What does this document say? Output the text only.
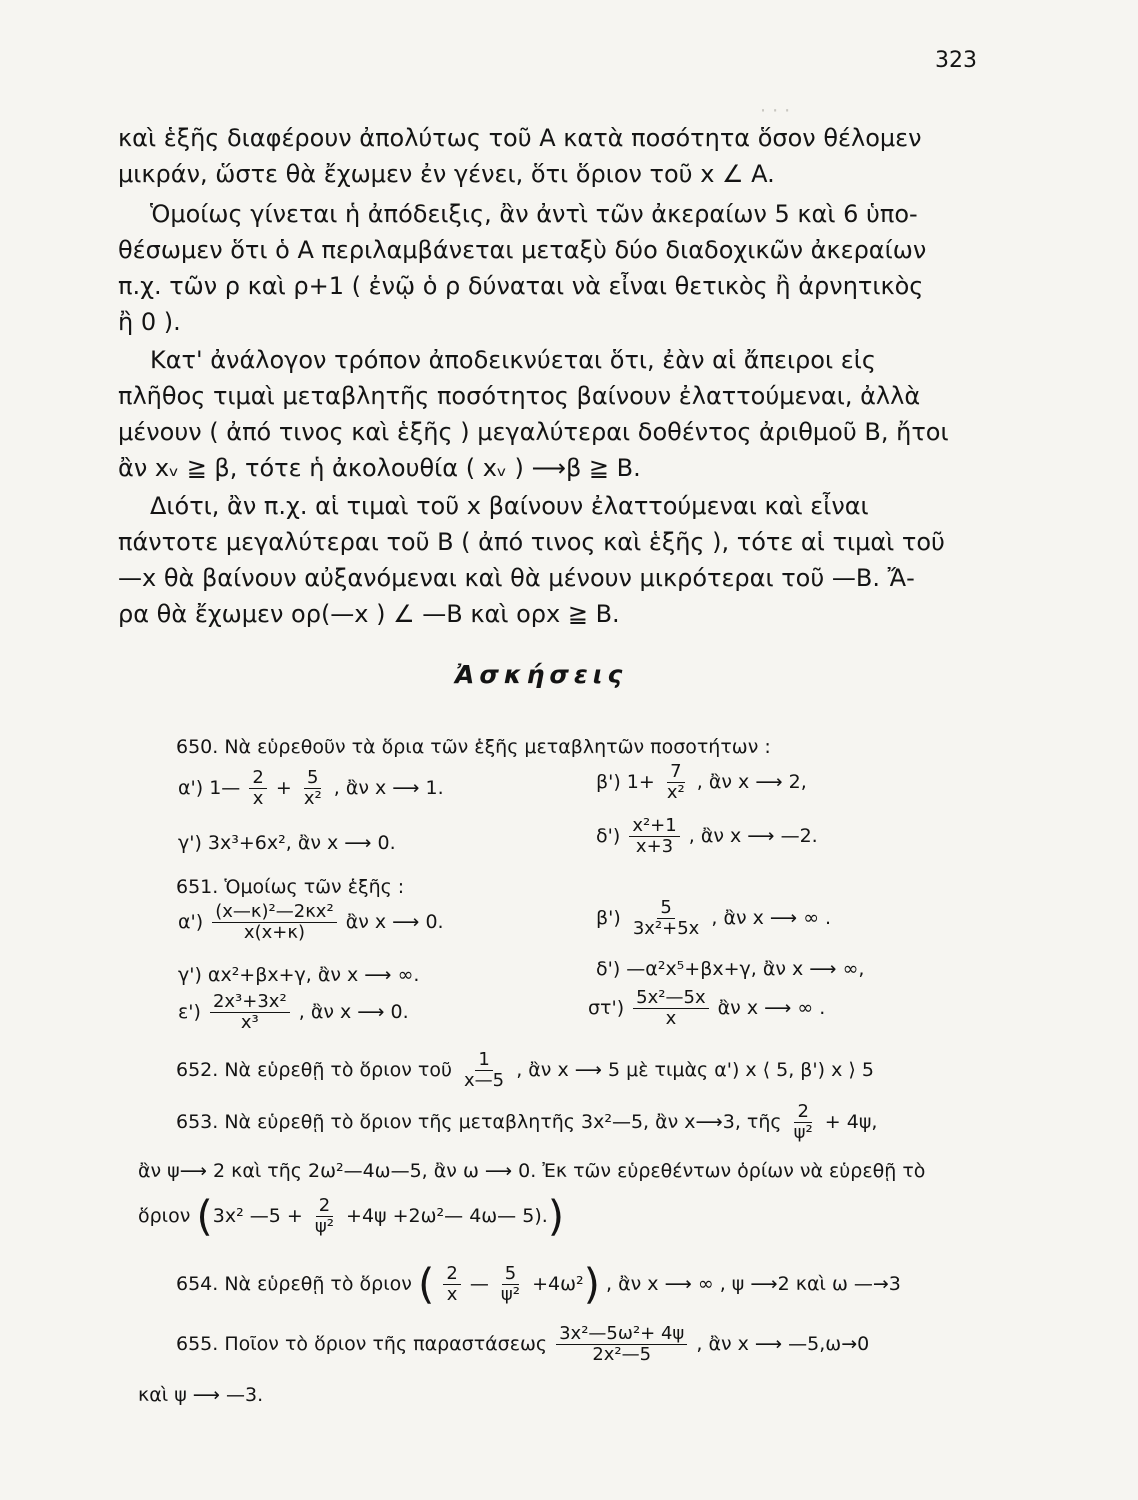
· · ·
323
καὶ ἑξῆς διαφέρουν ἀπολύτως τοῦ Α κατὰ ποσότητα ὅσον θέλομεν
μικράν, ὥστε θὰ ἔχωμεν ἐν γένει, ὅτι ὅριον τοῦ x ∠ A.
Ὁμοίως γίνεται ἡ ἀπόδειξις, ἂν ἀντὶ τῶν ἀκεραίων 5 καὶ 6 ὑπο-
θέσωμεν ὅτι ὁ Α περιλαμβάνεται μεταξὺ δύο διαδοχικῶν ἀκεραίων
π.χ. τῶν ρ καὶ ρ+1 ( ἐνῷ ὁ ρ δύναται νὰ εἶναι θετικὸς ἢ ἀρνητικὸς
ἢ 0 ).
Κατ' ἀνάλογον τρόπον ἀποδεικνύεται ὅτι, ἐὰν αἱ ἄπειροι εἰς
πλῆθος τιμαὶ μεταβλητῆς ποσότητος βαίνουν ἐλαττούμεναι, ἀλλὰ
μένουν ( ἀπό τινος καὶ ἑξῆς ) μεγαλύτεραι δοθέντος ἀριθμοῦ Β, ἤτοι
ἂν xᵥ ≧ β, τότε ἡ ἀκολουθία ( xᵥ ) ⟶β ≧ Β.
Διότι, ἂν π.χ. αἱ τιμαὶ τοῦ x βαίνουν ἐλαττούμεναι καὶ εἶναι
πάντοτε μεγαλύτεραι τοῦ Β ( ἀπό τινος καὶ ἑξῆς ), τότε αἱ τιμαὶ τοῦ
—x θὰ βαίνουν αὐξανόμεναι καὶ θὰ μένουν μικρότεραι τοῦ —Β. Ἄ-
ρα θὰ ἔχωμεν ορ(—x ) ∠ —Β καὶ ορx ≧ Β.
Ἀσκήσεις
650. Νὰ εὑρεθοῦν τὰ ὅρια τῶν ἑξῆς μεταβλητῶν ποσοτήτων :
α') 1— $\frac{2}{x} + \frac{5}{\text{x²}}$ , ἂν x ⟶ 1.	β') $1+ \frac{7}{\text{x²}}$ , ἂν x ⟶ 2,
γ') 3x³+6x², ἂν x ⟶ 0.	$\delta') \frac{\text{x²+1}}{x+3}$ , ἂν x ⟶ —2.
651. Ὁμοίως τῶν ἑξῆς :
$\alpha') \frac{\text{(x—κ)²—2κx²}}{x(x+\kappa)}$ ἂν x ⟶ 0.	$\beta') \frac{5}{\text{3x²+5x}}$ , ἂν x ⟶ ∞ .
γ') αx²+βx+γ, ἂν x ⟶ ∞.	δ') —α²x⁵+βx+γ, ἂν x ⟶ ∞,
$\varepsilon') \frac{\text{2x³+3x²}}{\text{x³}}$ , ἂν x ⟶ 0.	$\sigma\tau') \frac{\text{5x²—5x}}{x}$ ἂν x ⟶ ∞ .
652. Νὰ εὑρεθῇ τὸ ὅριον τοῦ $\frac{1}{x—5}$ , ἂν x ⟶ 5 μὲ τιμὰς α') x ⟨ 5, β') x ⟩ 5
653. Νὰ εὑρεθῇ τὸ ὅριον τῆς μεταβλητῆς 3x²—5, ἂν x⟶3, τῆς $\frac{2}{\text{ψ²}} + 4\psi$,
ἂν ψ⟶ 2 καὶ τῆς 2ω²—4ω—5, ἂν ω ⟶ 0. Ἐκ τῶν εὑρεθέντων ὁρίων νὰ εὑρεθῇ τὸ
ὅριον (3x² —5 + $\frac{2}{\text{ψ²}} +4\psi$ +2ω²— 4ω— 5).)
654. Νὰ εὑρεθῇ τὸ ὅριον ( $\frac{2}{x}$ — $\frac{5}{\text{ψ²}} +4\omega^2$) , ἂν x ⟶ ∞ , ψ ⟶2 καὶ ω —→3
655. Ποῖον τὸ ὅριον τῆς παραστάσεως $\frac{\text{3x²—5ω²+ 4ψ}}{\text{2x²—5}}$ , ἂν x ⟶ —5,ω→0
καὶ ψ ⟶ —3.
